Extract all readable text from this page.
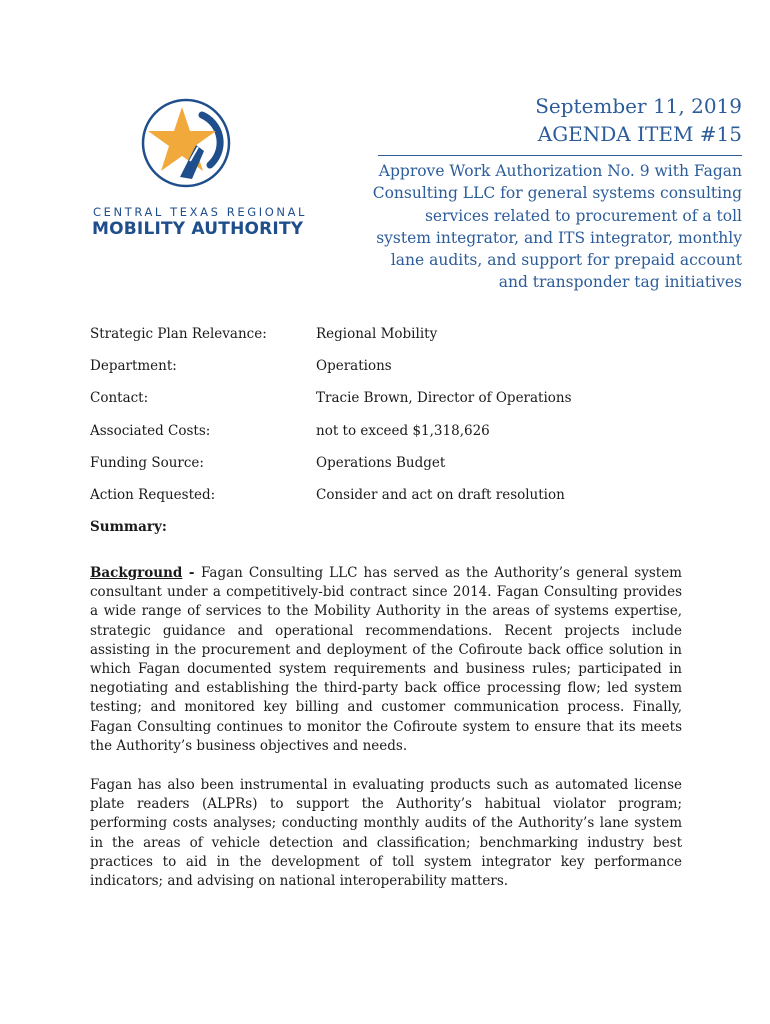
CENTRAL TEXAS REGIONAL
MOBILITY AUTHORITY
September 11, 2019
AGENDA ITEM #15
Approve Work Authorization No. 9 with Fagan Consulting LLC for general systems consulting services related to procurement of a toll system integrator, and ITS integrator, monthly lane audits, and support for prepaid account and transponder tag initiatives
Strategic Plan Relevance:	Regional Mobility
Department:	Operations
Contact:	Tracie Brown, Director of Operations
Associated Costs:	not to exceed $1,318,626
Funding Source:	Operations Budget
Action Requested:	Consider and act on draft resolution
Summary:

Background - Fagan Consulting LLC has served as the Authority’s general system consultant under a competitively-bid contract since 2014. Fagan Consulting provides a wide range of services to the Mobility Authority in the areas of systems expertise, strategic guidance and operational recommendations. Recent projects include assisting in the procurement and deployment of the Cofiroute back office solution in which Fagan documented system requirements and business rules; participated in negotiating and establishing the third-party back office processing flow; led system testing; and monitored key billing and customer communication process. Finally, Fagan Consulting continues to monitor the Cofiroute system to ensure that its meets the Authority’s business objectives and needs.

Fagan has also been instrumental in evaluating products such as automated license plate readers (ALPRs) to support the Authority’s habitual violator program; performing costs analyses; conducting monthly audits of the Authority’s lane system in the areas of vehicle detection and classification; benchmarking industry best practices to aid in the development of toll system integrator key performance indicators; and advising on national interoperability matters.
